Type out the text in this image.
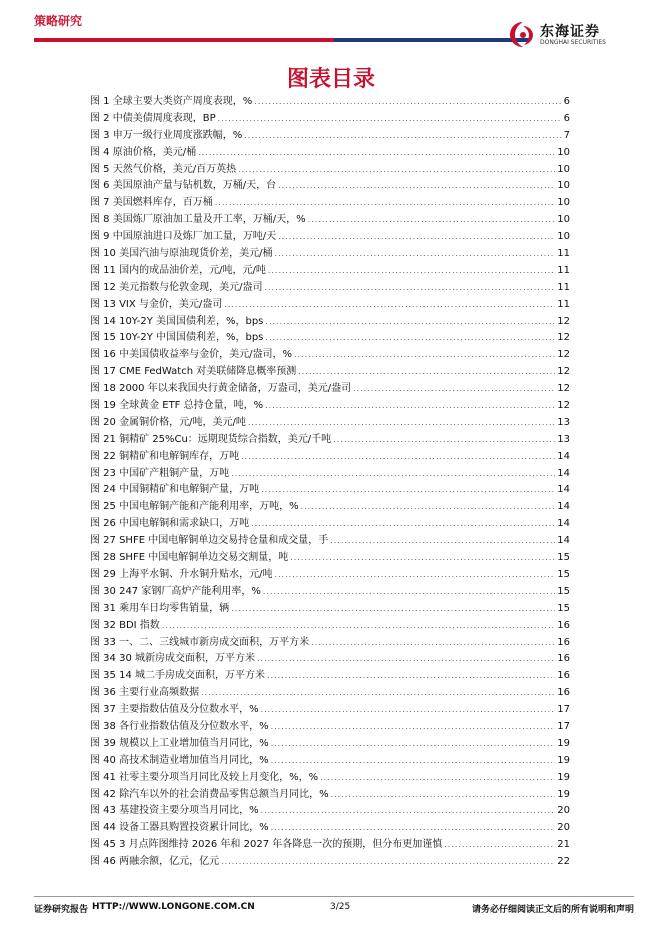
策略研究
东海证券
DONGHAI SECURITIES
图表目录
图 1 全球主要大类资产周度表现，% .....	6
图 2 中债美债周度表现，BP .....	6
图 3 申万一级行业周度涨跌幅，% .....	7
图 4 原油价格，美元/桶 .....	10
图 5 天然气价格，美元/百万英热 .....	10
图 6 美国原油产量与钻机数，万桶/天，台 .....	10
图 7 美国燃料库存，百万桶 .....	10
图 8 美国炼厂原油加工量及开工率，万桶/天，% .....	10
图 9 中国原油进口及炼厂加工量，万吨/天 .....	10
图 10 美国汽油与原油现货价差，美元/桶 .....	11
图 11 国内的成品油价差，元/吨，元/吨 .....	11
图 12 美元指数与伦敦金现，美元/盎司 .....	11
图 13 VIX 与金价，美元/盎司 .....	11
图 14 10Y-2Y 美国国债利差，%，bps .....	12
图 15 10Y-2Y 中国国债利差，%，bps .....	12
图 16 中美国债收益率与金价，美元/盎司，% .....	12
图 17 CME FedWatch 对美联储降息概率预测 .....	12
图 18 2000 年以来我国央行黄金储备，万盎司，美元/盎司 .....	12
图 19 全球黄金 ETF 总持仓量，吨，% .....	12
图 20 金属铜价格，元/吨，美元/吨 .....	13
图 21 铜精矿 25%Cu：远期现货综合指数，美元/千吨 .....	13
图 22 铜精矿和电解铜库存，万吨 .....	14
图 23 中国矿产粗铜产量，万吨 .....	14
图 24 中国铜精矿和电解铜产量，万吨 .....	14
图 25 中国电解铜产能和产能利用率，万吨，% .....	14
图 26 中国电解铜和需求缺口，万吨 .....	14
图 27 SHFE 中国电解铜单边交易持仓量和成交量，手 .....	14
图 28 SHFE 中国电解铜单边交易交割量，吨 .....	15
图 29 上海平水铜、升水铜升贴水，元/吨 .....	15
图 30 247 家钢厂高炉产能利用率，% .....	15
图 31 乘用车日均零售销量，辆 .....	15
图 32 BDI 指数 .....	16
图 33 一、二、三线城市新房成交面积，万平方米 .....	16
图 34 30 城新房成交面积，万平方米 .....	16
图 35 14 城二手房成交面积，万平方米 .....	16
图 36 主要行业高频数据 .....	16
图 37 主要指数估值及分位数水平，% .....	17
图 38 各行业指数估值及分位数水平，% .....	17
图 39 规模以上工业增加值当月同比，% .....	19
图 40 高技术制造业增加值当月同比，% .....	19
图 41 社零主要分项当月同比及较上月变化，%，% .....	19
图 42 除汽车以外的社会消费品零售总额当月同比，% .....	19
图 43 基建投资主要分项当月同比，% .....	20
图 44 设备工器具购置投资累计同比，% .....	20
图 45 3 月点阵图维持 2026 年和 2027 年各降息一次的预期，但分布更加谨慎 .....	21
图 46 两融余额，亿元，亿元 .....	22
证券研究报告 HTTP://WWW.LONGONE.COM.CN	3/25	请务必仔细阅读正文后的所有说明和声明
